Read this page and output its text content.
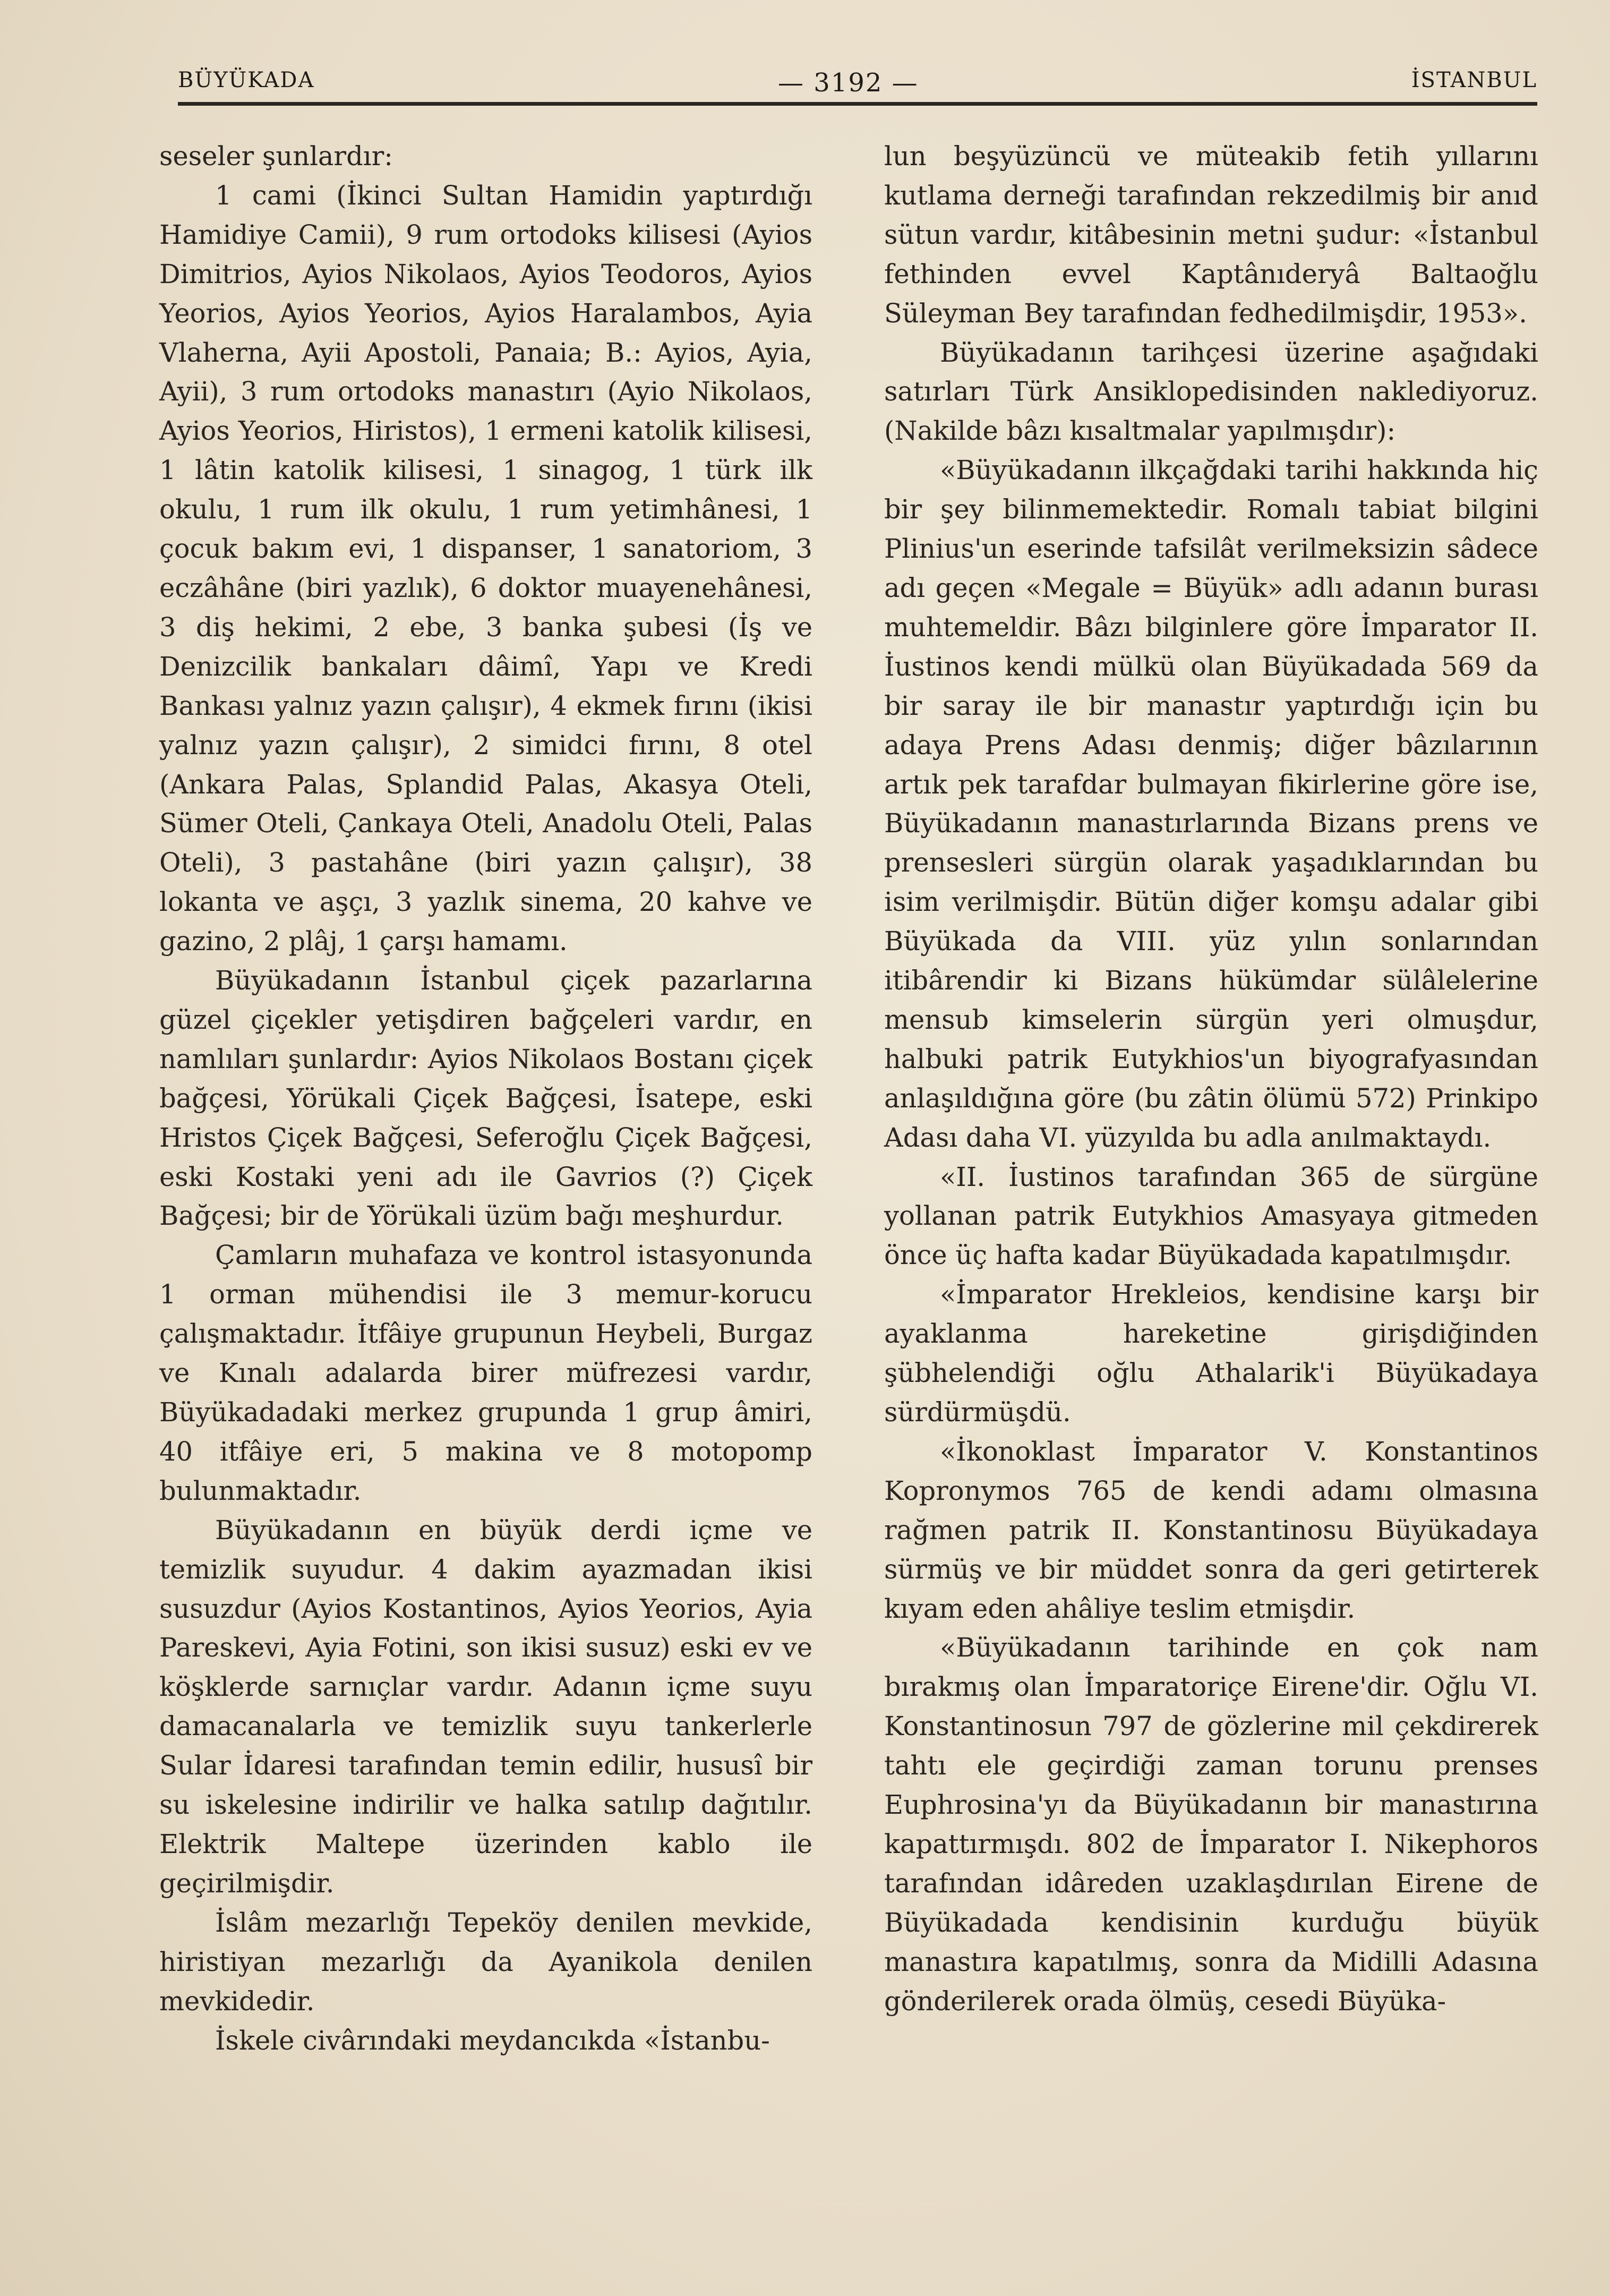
BÜYÜKADA	— 3192 —	İSTANBUL

seseler şunlardır:

1 cami (İkinci Sultan Hamidin yaptırdığı Hamidiye Camii), 9 rum ortodoks kilisesi (Ayios Dimitrios, Ayios Nikolaos, Ayios Teodoros, Ayios Yeorios, Ayios Yeorios, Ayios Haralambos, Ayia Vlaherna, Ayii Apostoli, Panaia; B.: Ayios, Ayia, Ayii), 3 rum ortodoks manastırı (Ayio Nikolaos, Ayios Yeorios, Hiristos), 1 ermeni katolik kilisesi, 1 lâtin katolik kilisesi, 1 sinagog, 1 türk ilk okulu, 1 rum ilk okulu, 1 rum yetimhânesi, 1 çocuk bakım evi, 1 dispanser, 1 sanatoriom, 3 eczâhâne (biri yazlık), 6 doktor muayenehânesi, 3 diş hekimi, 2 ebe, 3 banka şubesi (İş ve Denizcilik bankaları dâimî, Yapı ve Kredi Bankası yalnız yazın çalışır), 4 ekmek fırını (ikisi yalnız yazın çalışır), 2 simidci fırını, 8 otel (Ankara Palas, Splandid Palas, Akasya Oteli, Sümer Oteli, Çankaya Oteli, Anadolu Oteli, Palas Oteli), 3 pastahâne (biri yazın çalışır), 38 lokanta ve aşçı, 3 yazlık sinema, 20 kahve ve gazino, 2 plâj, 1 çarşı hamamı.

Büyükadanın İstanbul çiçek pazarlarına güzel çiçekler yetişdiren bağçeleri vardır, en namlıları şunlardır: Ayios Nikolaos Bostanı çiçek bağçesi, Yörükali Çiçek Bağçesi, İsatepe, eski Hristos Çiçek Bağçesi, Seferoğlu Çiçek Bağçesi, eski Kostaki yeni adı ile Gavrios (?) Çiçek Bağçesi; bir de Yörükali üzüm bağı meşhurdur.

Çamların muhafaza ve kontrol istasyonunda 1 orman mühendisi ile 3 memur-korucu çalışmaktadır. İtfâiye grupunun Heybeli, Burgaz ve Kınalı adalarda birer müfrezesi vardır, Büyükadadaki merkez grupunda 1 grup âmiri, 40 itfâiye eri, 5 makina ve 8 motopomp bulunmaktadır.

Büyükadanın en büyük derdi içme ve temizlik suyudur. 4 dakim ayazmadan ikisi susuzdur (Ayios Kostantinos, Ayios Yeorios, Ayia Pareskevi, Ayia Fotini, son ikisi susuz) eski ev ve köşklerde sarnıçlar vardır. Adanın içme suyu damacanalarla ve temizlik suyu tankerlerle Sular İdaresi tarafından temin edilir, hususî bir su iskelesine indirilir ve halka satılıp dağıtılır. Elektrik Maltepe üzerinden kablo ile geçirilmişdir.

İslâm mezarlığı Tepeköy denilen mevkide, hiristiyan mezarlığı da Ayanikola denilen mevkidedir.

İskele civârındaki meydancıkda «İstanbu-

lun beşyüzüncü ve müteakib fetih yıllarını kutlama derneği tarafından rekzedilmiş bir anıd sütun vardır, kitâbesinin metni şudur: «İstanbul fethinden evvel Kaptânıderyâ Baltaoğlu Süleyman Bey tarafından fedhedilmişdir, 1953».

Büyükadanın tarihçesi üzerine aşağıdaki satırları Türk Ansiklopedisinden naklediyoruz. (Nakilde bâzı kısaltmalar yapılmışdır):

«Büyükadanın ilkçağdaki tarihi hakkında hiç bir şey bilinmemektedir. Romalı tabiat bilgini Plinius'un eserinde tafsilât verilmeksizin sâdece adı geçen «Megale = Büyük» adlı adanın burası muhtemeldir. Bâzı bilginlere göre İmparator II. İustinos kendi mülkü olan Büyükadada 569 da bir saray ile bir manastır yaptırdığı için bu adaya Prens Adası denmiş; diğer bâzılarının artık pek tarafdar bulmayan fikirlerine göre ise, Büyükadanın manastırlarında Bizans prens ve prensesleri sürgün olarak yaşadıklarından bu isim verilmişdir. Bütün diğer komşu adalar gibi Büyükada da VIII. yüz yılın sonlarından itibârendir ki Bizans hükümdar sülâlelerine mensub kimselerin sürgün yeri olmuşdur, halbuki patrik Eutykhios'un biyografyasından anlaşıldığına göre (bu zâtin ölümü 572) Prinkipo Adası daha VI. yüzyılda bu adla anılmaktaydı.

«II. İustinos tarafından 365 de sürgüne yollanan patrik Eutykhios Amasyaya gitmeden önce üç hafta kadar Büyükadada kapatılmışdır.

«İmparator Hrekleios, kendisine karşı bir ayaklanma hareketine girişdiğinden şübhelendiği oğlu Athalarik'i Büyükadaya sürdürmüşdü.

«İkonoklast İmparator V. Konstantinos Kopronymos 765 de kendi adamı olmasına rağmen patrik II. Konstantinosu Büyükadaya sürmüş ve bir müddet sonra da geri getirterek kıyam eden ahâliye teslim etmişdir.

«Büyükadanın tarihinde en çok nam bırakmış olan İmparatoriçe Eirene'dir. Oğlu VI. Konstantinosun 797 de gözlerine mil çekdirerek tahtı ele geçirdiği zaman torunu prenses Euphrosina'yı da Büyükadanın bir manastırına kapattırmışdı. 802 de İmparator I. Nikephoros tarafından idâreden uzaklaşdırılan Eirene de Büyükadada kendisinin kurduğu büyük manastıra kapatılmış, sonra da Midilli Adasına gönderilerek orada ölmüş, cesedi Büyüka-
